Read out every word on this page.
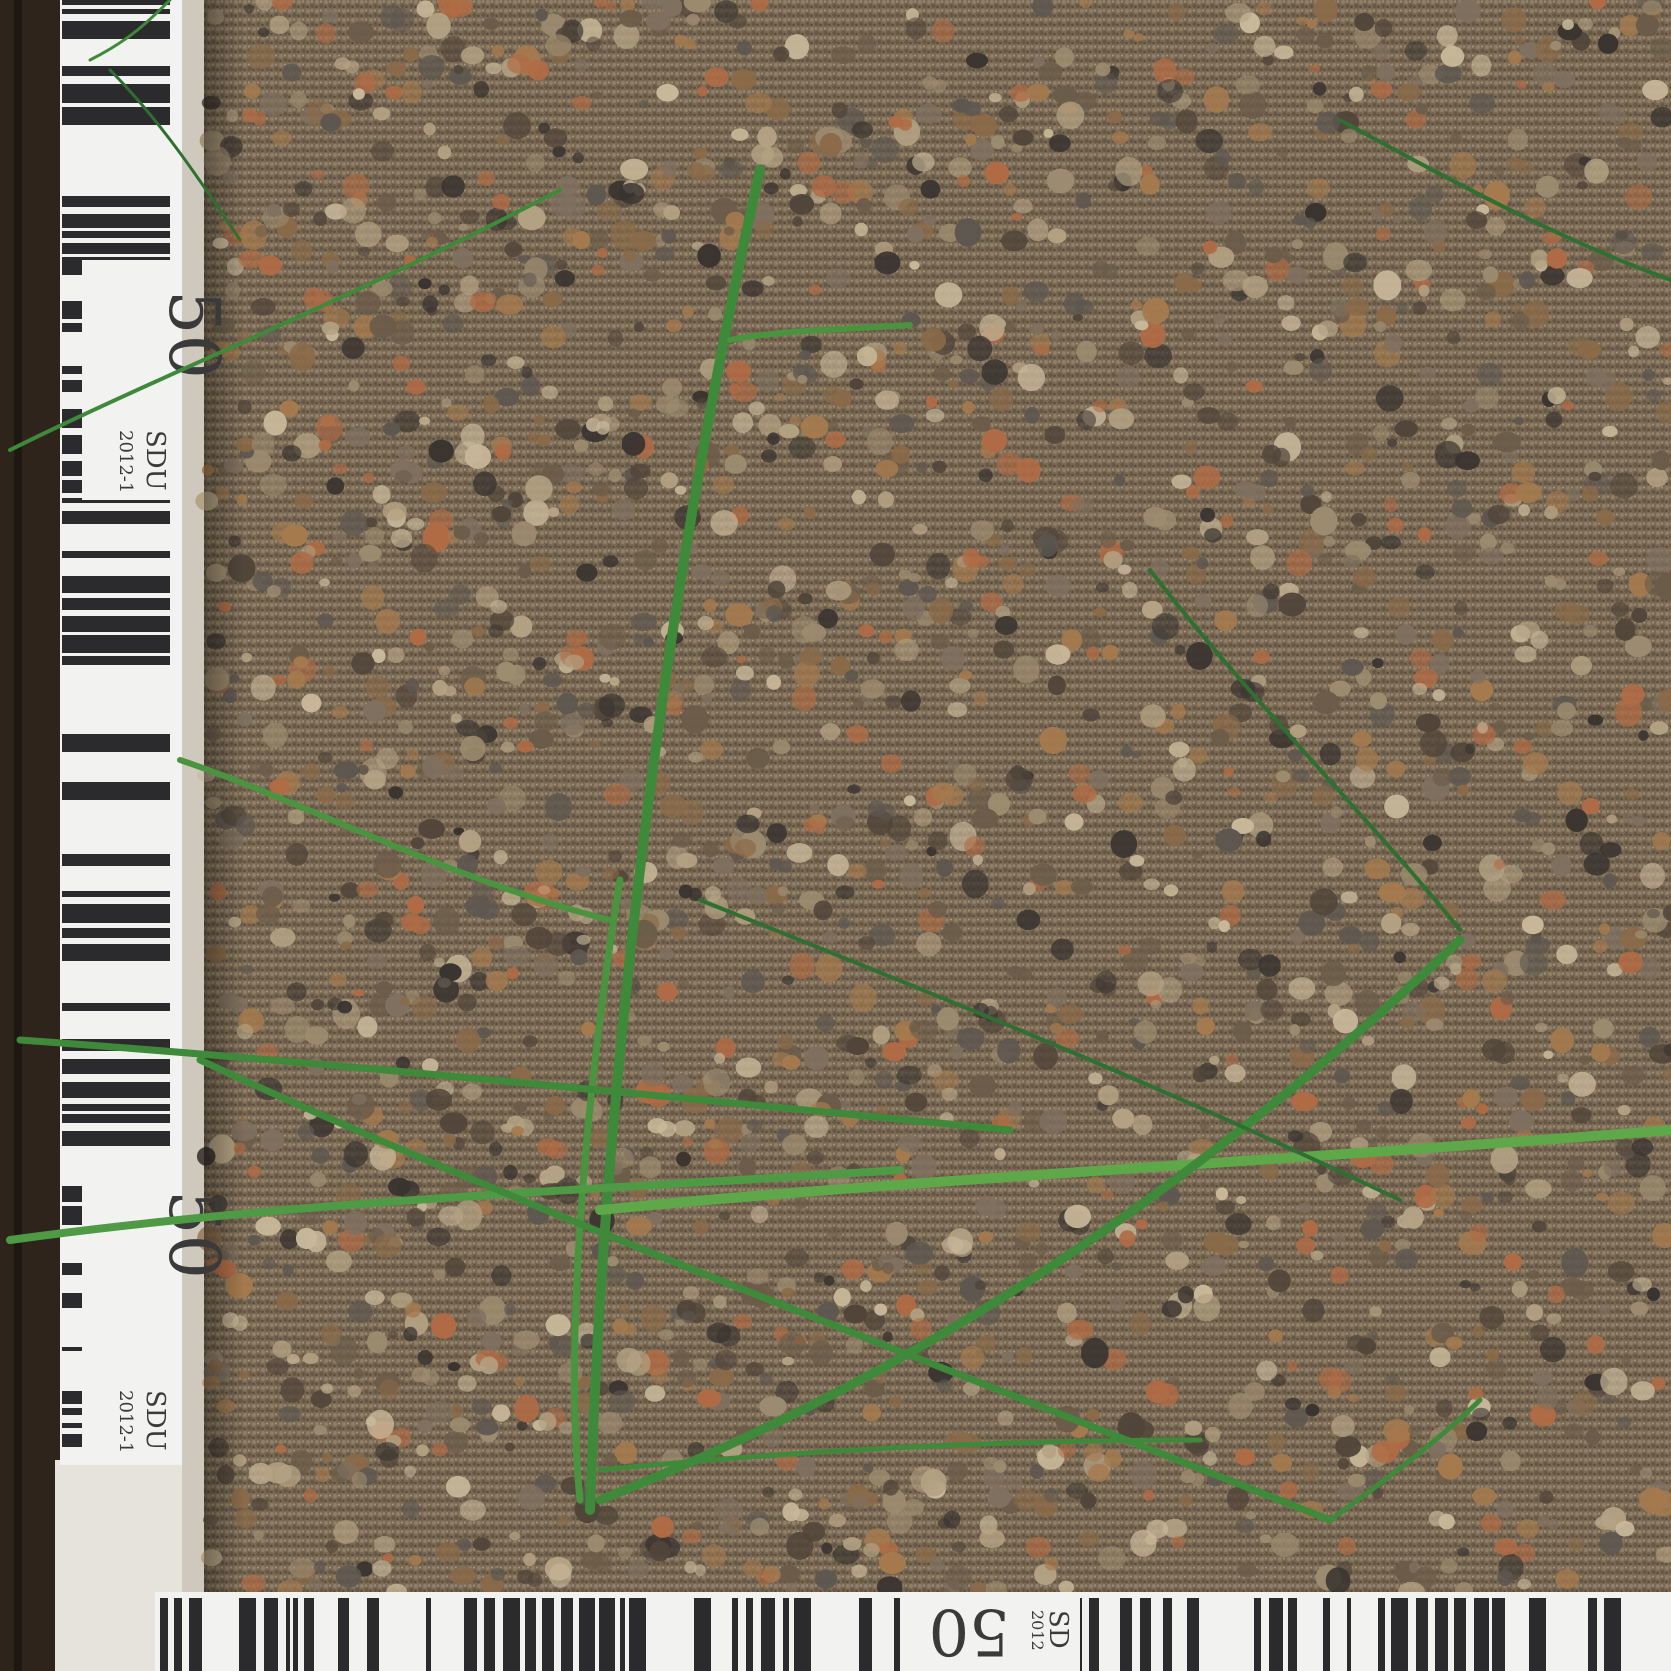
50
2012-1 SDU
50
2012-1 SDU
50 SD
2012
